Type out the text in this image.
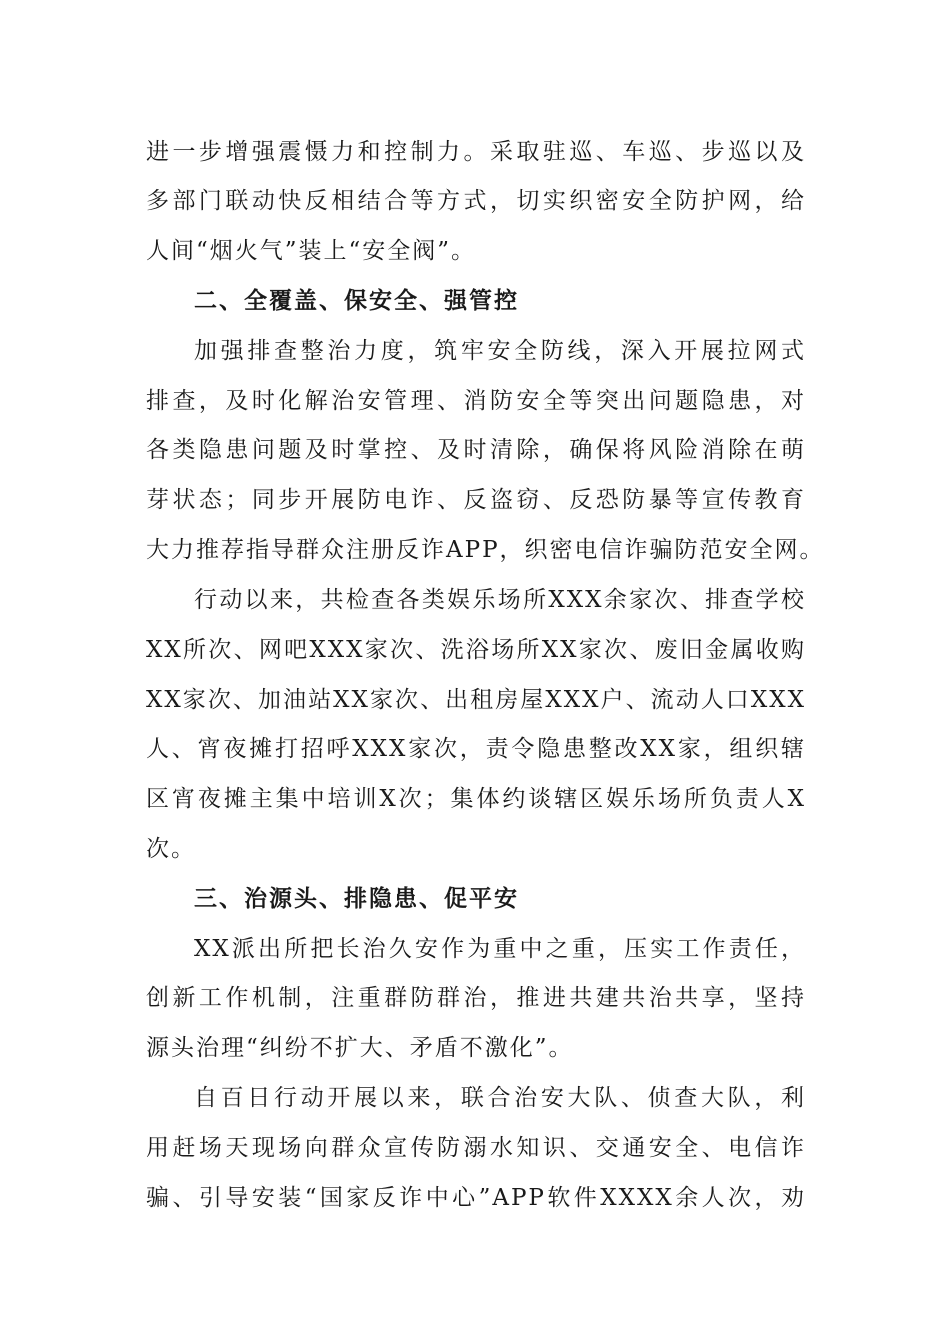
进一步增强震慑力和控制力。采取驻巡、车巡、步巡以及
多部门联动快反相结合等方式，切实织密安全防护网，给
人间“烟火气”装上“安全阀”。
二、全覆盖、保安全、强管控
加强排查整治力度，筑牢安全防线，深入开展拉网式
排查，及时化解治安管理、消防安全等突出问题隐患，对
各类隐患问题及时掌控、及时清除，确保将风险消除在萌
芽状态；同步开展防电诈、反盗窃、反恐防暴等宣传教育
大力推荐指导群众注册反诈APP，织密电信诈骗防范安全网。
行动以来，共检查各类娱乐场所XXX余家次、排查学校
XX所次、网吧XXX家次、洗浴场所XX家次、废旧金属收购
XX家次、加油站XX家次、出租房屋XXX户、流动人口XXX
人、宵夜摊打招呼XXX家次，责令隐患整改XX家，组织辖
区宵夜摊主集中培训X次；集体约谈辖区娱乐场所负责人X
次。
三、治源头、排隐患、促平安
XX派出所把长治久安作为重中之重，压实工作责任，
创新工作机制，注重群防群治，推进共建共治共享，坚持
源头治理“纠纷不扩大、矛盾不激化”。
自百日行动开展以来，联合治安大队、侦查大队，利
用赶场天现场向群众宣传防溺水知识、交通安全、电信诈
骗、引导安装“国家反诈中心”APP软件XXXX余人次，劝
